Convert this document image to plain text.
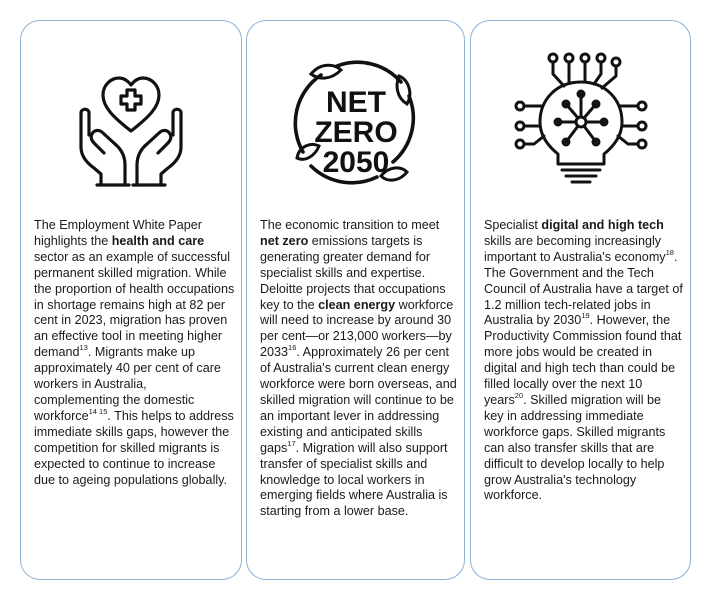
The Employment White Paper highlights the health and care sector as an example of successful permanent skilled migration. While the proportion of health occupations in shortage remains high at 82 per cent in 2023, migration has proven an effective tool in meeting higher demand$^{13}$. Migrants make up approximately 40 per cent of care workers in Australia, complementing the domestic workforce$^{14 15}$. This helps to address immediate skills gaps, however the competition for skilled migrants is expected to continue to increase due to ageing populations globally.
NET
ZERO
2050
The economic transition to meet net zero emissions targets is generating greater demand for specialist skills and expertise. Deloitte projects that occupations key to the clean energy workforce will need to increase by around 30 per cent—or 213,000 workers—by 2033$^{16}$. Approximately 26 per cent of Australia's current clean energy workforce were born overseas, and skilled migration will continue to be an important lever in addressing existing and anticipated skills gaps$^{17}$. Migration will also support transfer of specialist skills and knowledge to local workers in emerging fields where Australia is starting from a lower base.
Specialist digital and high tech skills are becoming increasingly important to Australia's economy$^{18}$. The Government and the Tech Council of Australia have a target of 1.2 million tech-related jobs in Australia by 2030$^{19}$. However, the Productivity Commission found that more jobs would be created in digital and high tech than could be filled locally over the next 10 years$^{20}$. Skilled migration will be key in addressing immediate workforce gaps. Skilled migrants can also transfer skills that are difficult to develop locally to help grow Australia's technology workforce.
